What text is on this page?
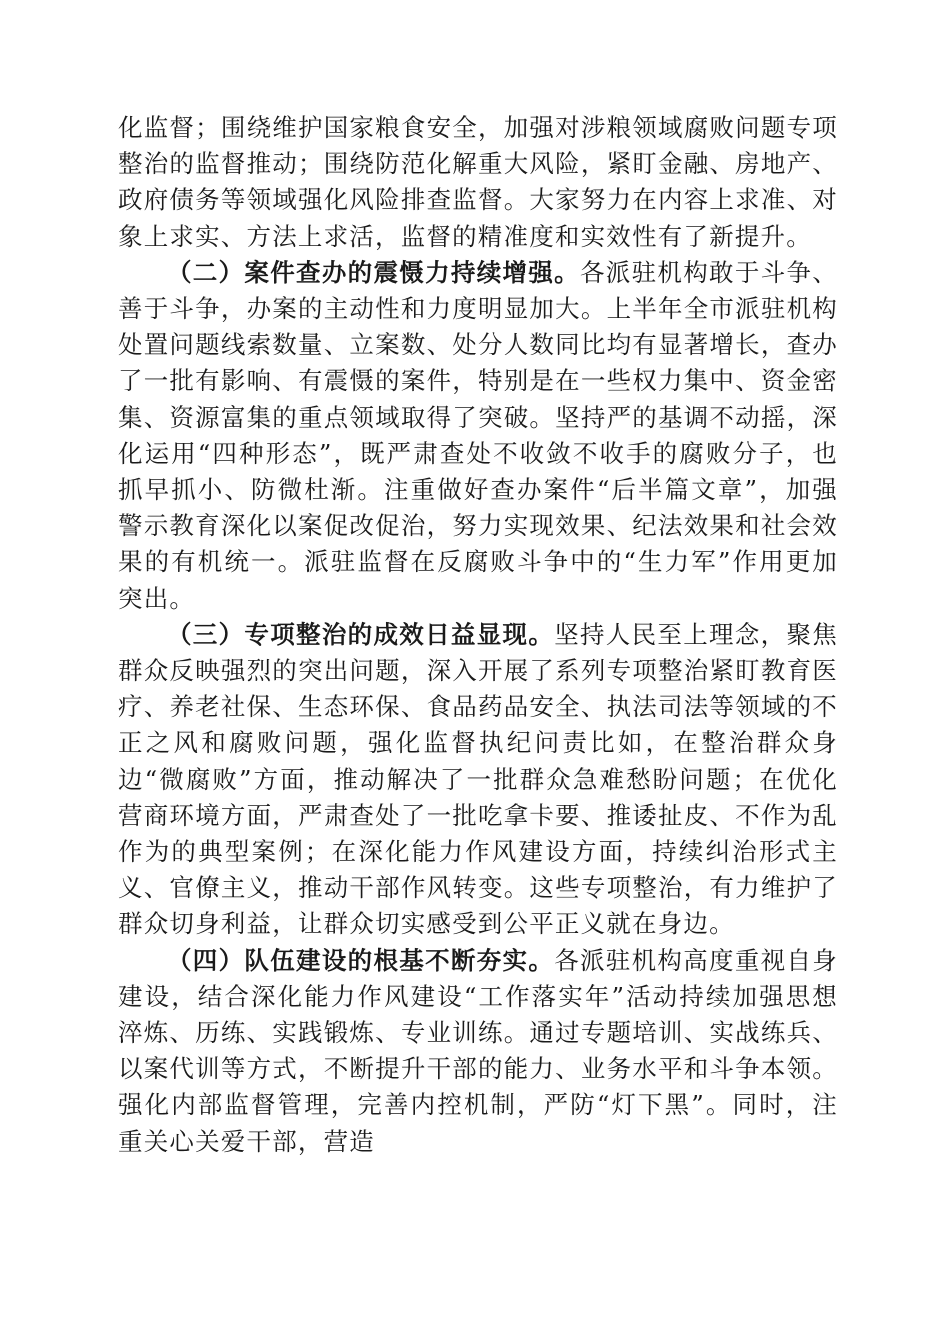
化监督；围绕维护国家粮食安全，加强对涉粮领域腐败问题专项整治的监督推动；围绕防范化解重大风险，紧盯金融、房地产、政府债务等领域强化风险排查监督。大家努力在内容上求准、对象上求实、方法上求活，监督的精准度和实效性有了新提升。

（二）案件查办的震慑力持续增强。各派驻机构敢于斗争、善于斗争，办案的主动性和力度明显加大。上半年全市派驻机构处置问题线索数量、立案数、处分人数同比均有显著增长，查办了一批有影响、有震慑的案件，特别是在一些权力集中、资金密集、资源富集的重点领域取得了突破。坚持严的基调不动摇，深化运用“四种形态”，既严肃查处不收敛不收手的腐败分子，也抓早抓小、防微杜渐。注重做好查办案件“后半篇文章”，加强警示教育深化以案促改促治，努力实现效果、纪法效果和社会效果的有机统一。派驻监督在反腐败斗争中的“生力军”作用更加突出。

（三）专项整治的成效日益显现。坚持人民至上理念，聚焦群众反映强烈的突出问题，深入开展了系列专项整治紧盯教育医疗、养老社保、生态环保、食品药品安全、执法司法等领域的不正之风和腐败问题，强化监督执纪问责比如，在整治群众身边“微腐败”方面，推动解决了一批群众急难愁盼问题；在优化营商环境方面，严肃查处了一批吃拿卡要、推诿扯皮、不作为乱作为的典型案例；在深化能力作风建设方面，持续纠治形式主义、官僚主义，推动干部作风转变。这些专项整治，有力维护了群众切身利益，让群众切实感受到公平正义就在身边。

（四）队伍建设的根基不断夯实。各派驻机构高度重视自身建设，结合深化能力作风建设“工作落实年”活动持续加强思想淬炼、历练、实践锻炼、专业训练。通过专题培训、实战练兵、以案代训等方式，不断提升干部的能力、业务水平和斗争本领。强化内部监督管理，完善内控机制，严防“灯下黑”。同时，注重关心关爱干部，营造
